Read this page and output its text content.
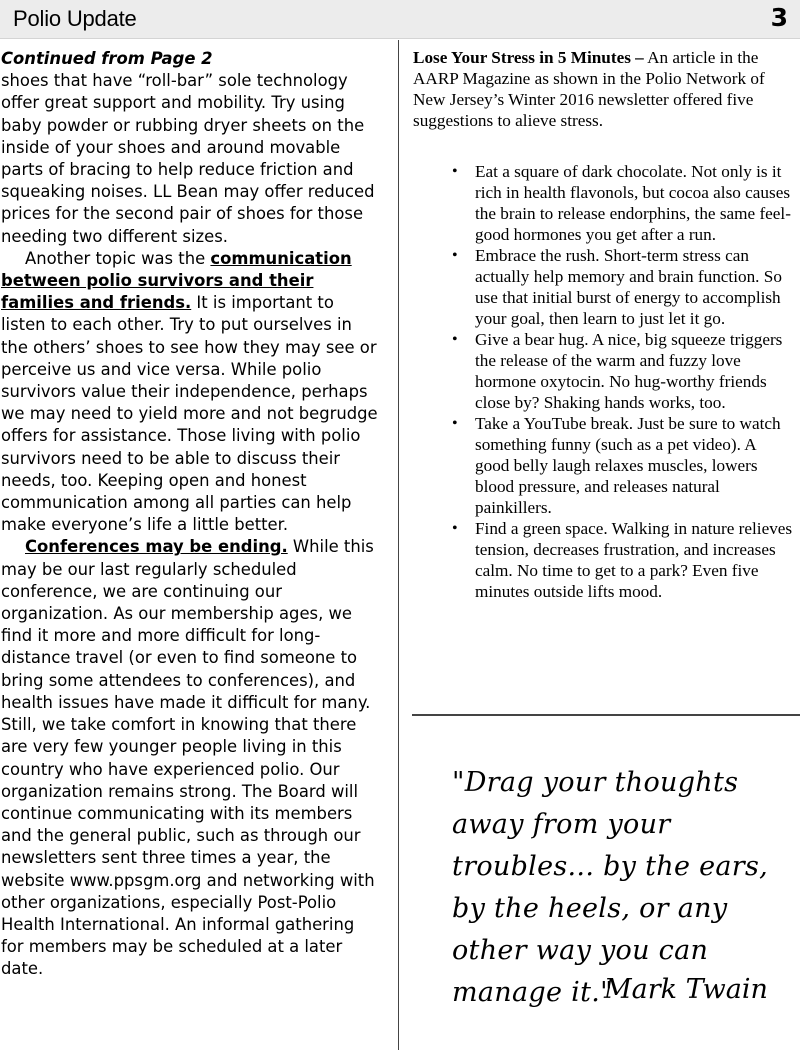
Polio Update	3

Continued from Page 2

shoes that have “roll-bar” sole technology offer great support and mobility. Try using baby powder or rubbing dryer sheets on the inside of your shoes and around movable parts of bracing to help reduce friction and squeaking noises. LL Bean may offer reduced prices for the second pair of shoes for those needing two different sizes.

Another topic was the communication between polio survivors and their families and friends. It is important to listen to each other. Try to put ourselves in the others’ shoes to see how they may see or perceive us and vice versa. While polio survivors value their independence, perhaps we may need to yield more and not begrudge offers for assistance. Those living with polio survivors need to be able to discuss their needs, too. Keeping open and honest communication among all parties can help make everyone’s life a little better.

Conferences may be ending. While this may be our last regularly scheduled conference, we are continuing our organization. As our membership ages, we find it more and more difficult for long-distance travel (or even to find someone to bring some attendees to conferences), and health issues have made it difficult for many. Still, we take comfort in knowing that there are very few younger people living in this country who have experienced polio. Our organization remains strong. The Board will continue communicating with its members and the general public, such as through our newsletters sent three times a year, the website www.ppsgm.org and networking with other organizations, especially Post-Polio Health International. An informal gathering for members may be scheduled at a later date.

Lose Your Stress in 5 Minutes – An article in the AARP Magazine as shown in the Polio Network of New Jersey’s Winter 2016 newsletter offered five suggestions to alieve stress.

• Eat a square of dark chocolate. Not only is it rich in health flavonols, but cocoa also causes the brain to release endorphins, the same feel-good hormones you get after a run.
• Embrace the rush. Short-term stress can actually help memory and brain function. So use that initial burst of energy to accomplish your goal, then learn to just let it go.
• Give a bear hug. A nice, big squeeze triggers the release of the warm and fuzzy love hormone oxytocin. No hug-worthy friends close by? Shaking hands works, too.
• Take a YouTube break. Just be sure to watch something funny (such as a pet video). A good belly laugh relaxes muscles, lowers blood pressure, and releases natural painkillers.
• Find a green space. Walking in nature relieves tension, decreases frustration, and increases calm. No time to get to a park? Even five minutes outside lifts mood.
"Drag your thoughts away from your troubles... by the ears, by the heels, or any other way you can manage it."
Mark Twain
